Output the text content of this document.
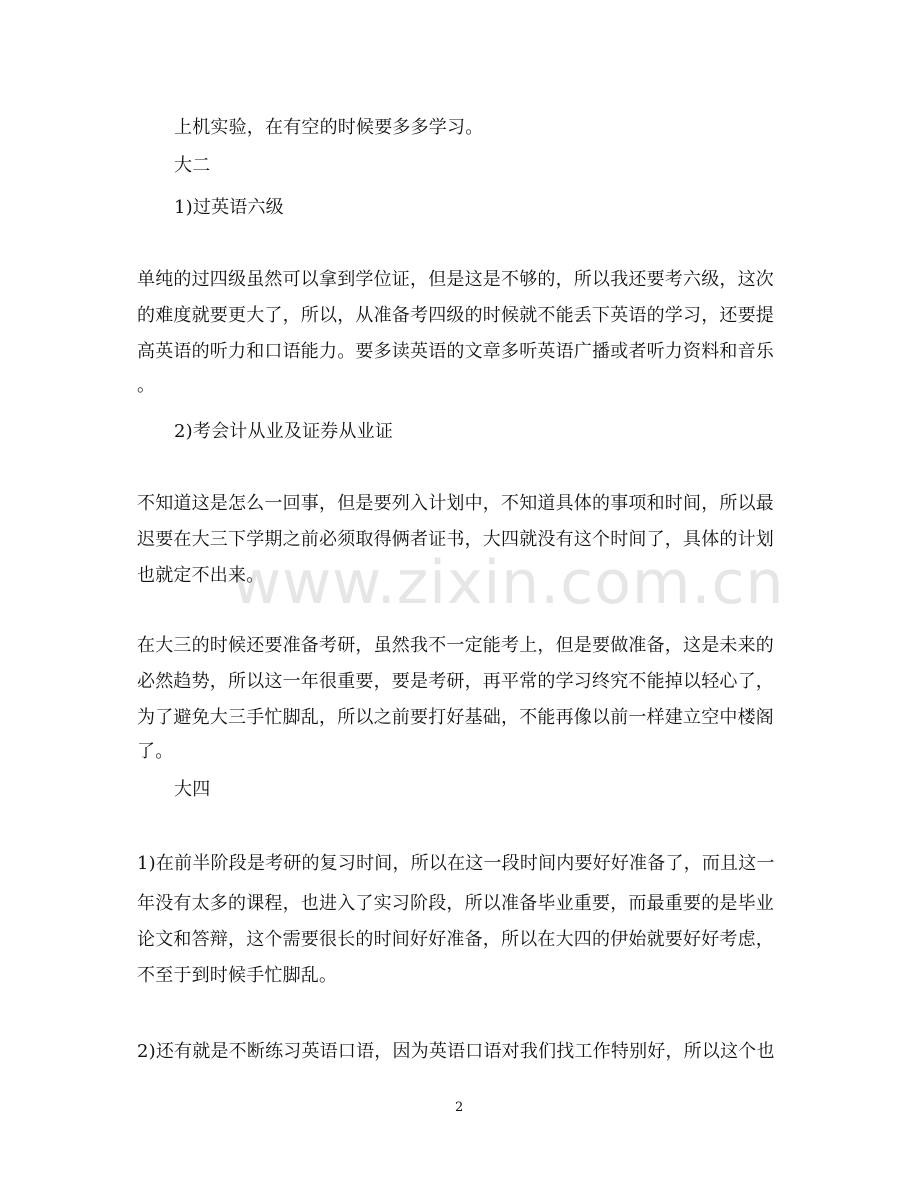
www.zixin.com.cn
上机实验，在有空的时候要多多学习。
大二
1)过英语六级
单纯的过四级虽然可以拿到学位证，但是这是不够的，所以我还要考六级，这次
的难度就要更大了，所以，从准备考四级的时候就不能丢下英语的学习，还要提
高英语的听力和口语能力。要多读英语的文章多听英语广播或者听力资料和音乐
。
2)考会计从业及证券从业证
不知道这是怎么一回事，但是要列入计划中，不知道具体的事项和时间，所以最
迟要在大三下学期之前必须取得俩者证书，大四就没有这个时间了，具体的计划
也就定不出来。
在大三的时候还要准备考研，虽然我不一定能考上，但是要做准备，这是未来的
必然趋势，所以这一年很重要，要是考研，再平常的学习终究不能掉以轻心了，
为了避免大三手忙脚乱，所以之前要打好基础，不能再像以前一样建立空中楼阁
了。
大四
1)在前半阶段是考研的复习时间，所以在这一段时间内要好好准备了，而且这一
年没有太多的课程，也进入了实习阶段，所以准备毕业重要，而最重要的是毕业
论文和答辩，这个需要很长的时间好好准备，所以在大四的伊始就要好好考虑，
不至于到时候手忙脚乱。
2)还有就是不断练习英语口语，因为英语口语对我们找工作特别好，所以这个也
2
